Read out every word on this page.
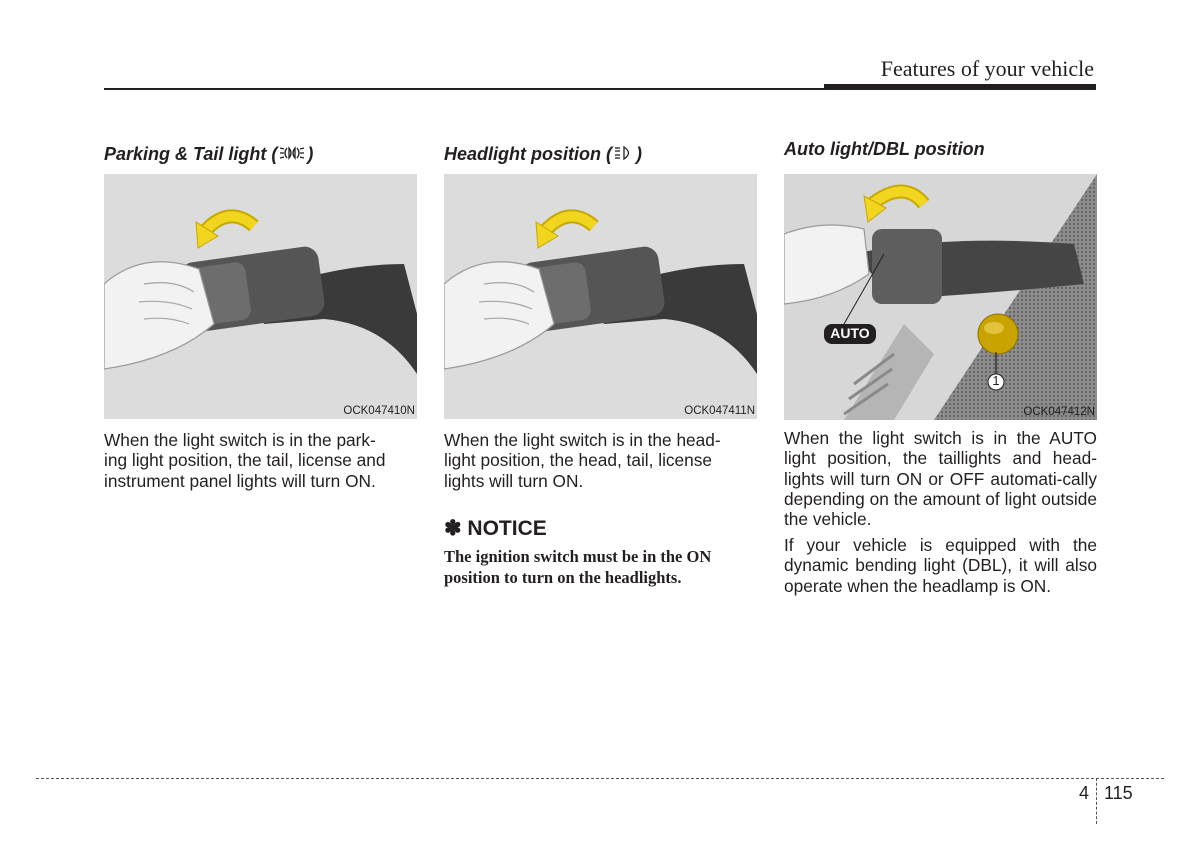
Features of your vehicle
Parking & Tail light ( )
OCK047410N

When the light switch is in the park-
ing light position, the tail, license and
instrument panel lights will turn ON.

Headlight position ( )
OCK047411N

When the light switch is in the head-
light position, the head, tail, license
lights will turn ON.

✽ NOTICE

The ignition switch must be in the ON position to turn on the headlights.

Auto light/DBL position
AUTO
1
OCK047412N

When the light switch is in the AUTO light position, the taillights and head-lights will turn ON or OFF automati-cally depending on the amount of light outside the vehicle.

If your vehicle is equipped with the dynamic bending light (DBL), it will also operate when the headlamp is ON.

4 115
